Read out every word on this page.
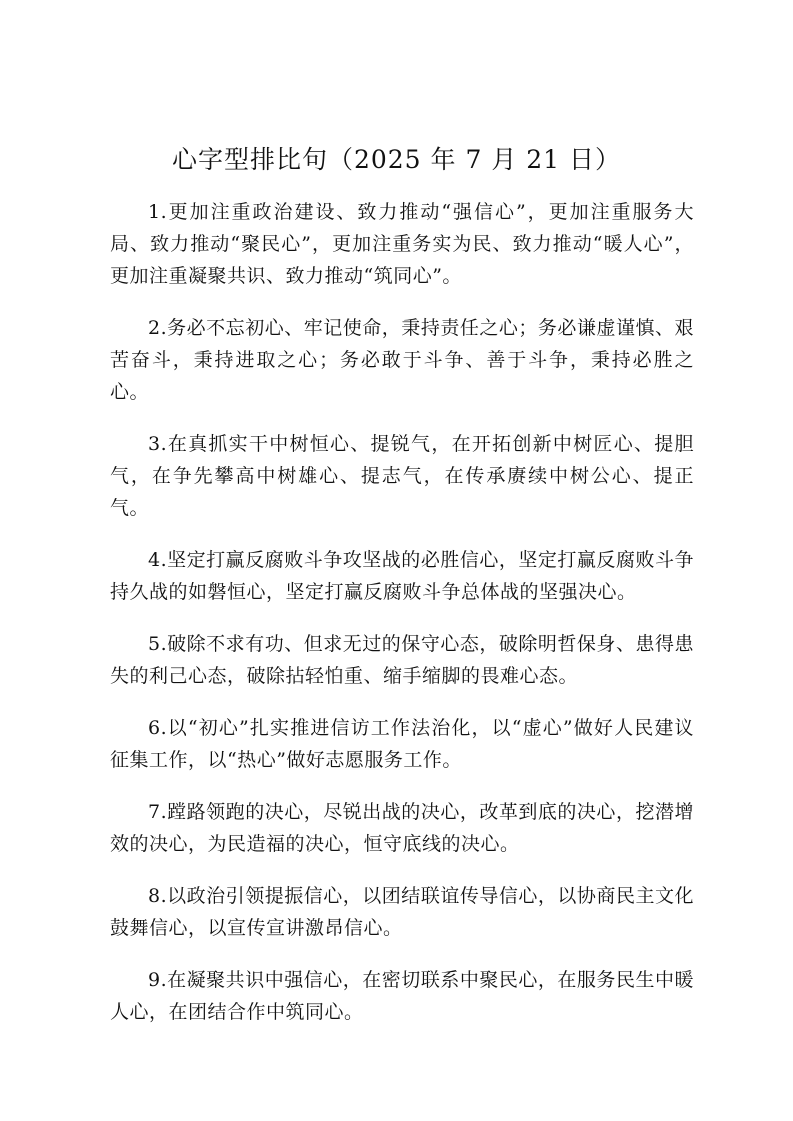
心字型排比句（2025 年 7 月 21 日）

1.更加注重政治建设、致力推动“强信心”，更加注重服务大局、致力推动“聚民心”，更加注重务实为民、致力推动“暖人心”，更加注重凝聚共识、致力推动“筑同心”。

2.务必不忘初心、牢记使命，秉持责任之心；务必谦虚谨慎、艰苦奋斗，秉持进取之心；务必敢于斗争、善于斗争，秉持必胜之心。

3.在真抓实干中树恒心、提锐气，在开拓创新中树匠心、提胆气，在争先攀高中树雄心、提志气，在传承赓续中树公心、提正气。

4.坚定打赢反腐败斗争攻坚战的必胜信心，坚定打赢反腐败斗争持久战的如磐恒心，坚定打赢反腐败斗争总体战的坚强决心。

5.破除不求有功、但求无过的保守心态，破除明哲保身、患得患失的利己心态，破除拈轻怕重、缩手缩脚的畏难心态。

6.以“初心”扎实推进信访工作法治化，以“虚心”做好人民建议征集工作，以“热心”做好志愿服务工作。

7.蹚路领跑的决心，尽锐出战的决心，改革到底的决心，挖潜增效的决心，为民造福的决心，恒守底线的决心。

8.以政治引领提振信心，以团结联谊传导信心，以协商民主文化鼓舞信心，以宣传宣讲激昂信心。

9.在凝聚共识中强信心，在密切联系中聚民心，在服务民生中暖人心，在团结合作中筑同心。
